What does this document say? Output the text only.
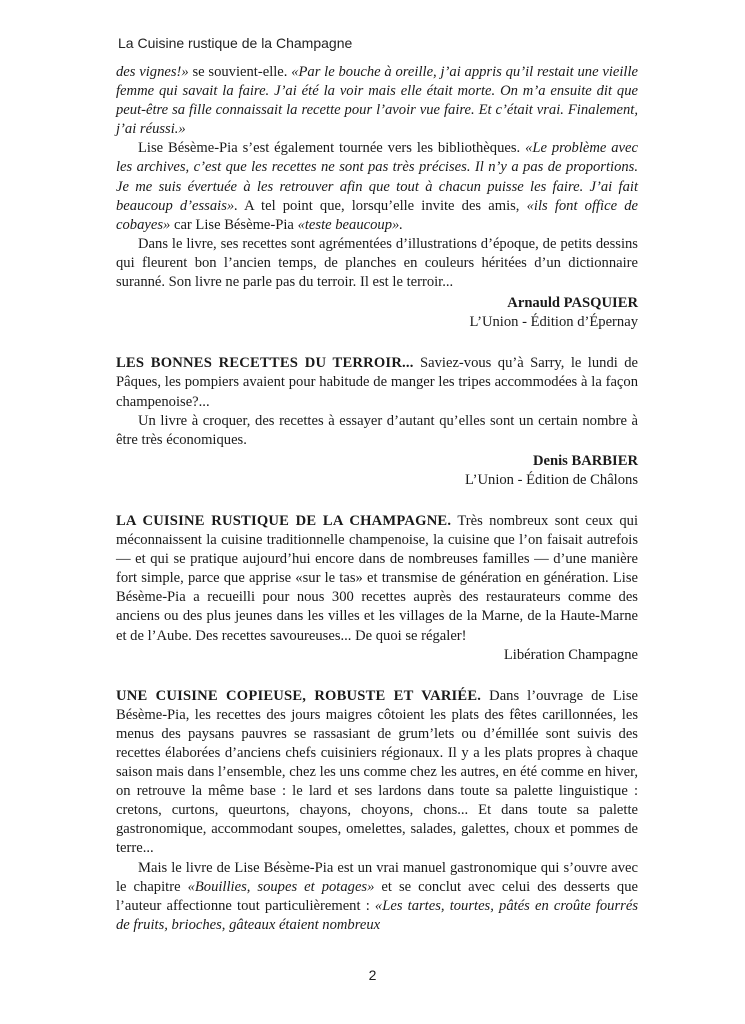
La Cuisine rustique de la Champagne

des vignes!» se souvient-elle. «Par le bouche à oreille, j’ai appris qu’il restait une vieille femme qui savait la faire. J’ai été la voir mais elle était morte. On m’a ensuite dit que peut-être sa fille connaissait la recette pour l’avoir vue faire. Et c’était vrai. Finalement, j’ai réussi.»

Lise Bésème-Pia s’est également tournée vers les bibliothèques. «Le problème avec les archives, c’est que les recettes ne sont pas très précises. Il n’y a pas de proportions. Je me suis évertuée à les retrouver afin que tout à chacun puisse les faire. J’ai fait beaucoup d’essais». A tel point que, lorsqu’elle invite des amis, «ils font office de cobayes» car Lise Bésème-Pia «teste beaucoup».

Dans le livre, ses recettes sont agrémentées d’illustrations d’époque, de petits dessins qui fleurent bon l’ancien temps, de planches en couleurs héritées d’un dictionnaire suranné. Son livre ne parle pas du terroir. Il est le terroir...

Arnauld PASQUIER

L’Union - Édition d’Épernay

LES BONNES RECETTES DU TERROIR... Saviez-vous qu’à Sarry, le lundi de Pâques, les pompiers avaient pour habitude de manger les tripes accommodées à la façon champenoise?...

Un livre à croquer, des recettes à essayer d’autant qu’elles sont un certain nombre à être très économiques.

Denis BARBIER

L’Union - Édition de Châlons

LA CUISINE RUSTIQUE DE LA CHAMPAGNE. Très nombreux sont ceux qui méconnaissent la cuisine traditionnelle champenoise, la cuisine que l’on faisait autrefois — et qui se pratique aujourd’hui encore dans de nombreuses familles — d’une manière fort simple, parce que apprise «sur le tas» et transmise de génération en génération. Lise Bésème-Pia a recueilli pour nous 300 recettes auprès des restaurateurs comme des anciens ou des plus jeunes dans les villes et les villages de la Marne, de la Haute-Marne et de l’Aube. Des recettes savoureuses... De quoi se régaler!

Libération Champagne

UNE CUISINE COPIEUSE, ROBUSTE ET VARIÉE. Dans l’ouvrage de Lise Bésème-Pia, les recettes des jours maigres côtoient les plats des fêtes carillonnées, les menus des paysans pauvres se rassasiant de grum’lets ou d’émillée sont suivis des recettes élaborées d’anciens chefs cuisiniers régionaux. Il y a les plats propres à chaque saison mais dans l’ensemble, chez les uns comme chez les autres, en été comme en hiver, on retrouve la même base : le lard et ses lardons dans toute sa palette linguistique : cretons, curtons, queurtons, chayons, choyons, chons... Et dans toute sa palette gastronomique, accommodant soupes, omelettes, salades, galettes, choux et pommes de terre...

Mais le livre de Lise Bésème-Pia est un vrai manuel gastronomique qui s’ouvre avec le chapitre «Bouillies, soupes et potages» et se conclut avec celui des desserts que l’auteur affectionne tout particulièrement : «Les tartes, tourtes, pâtés en croûte fourrés de fruits, brioches, gâteaux étaient nombreux

2
